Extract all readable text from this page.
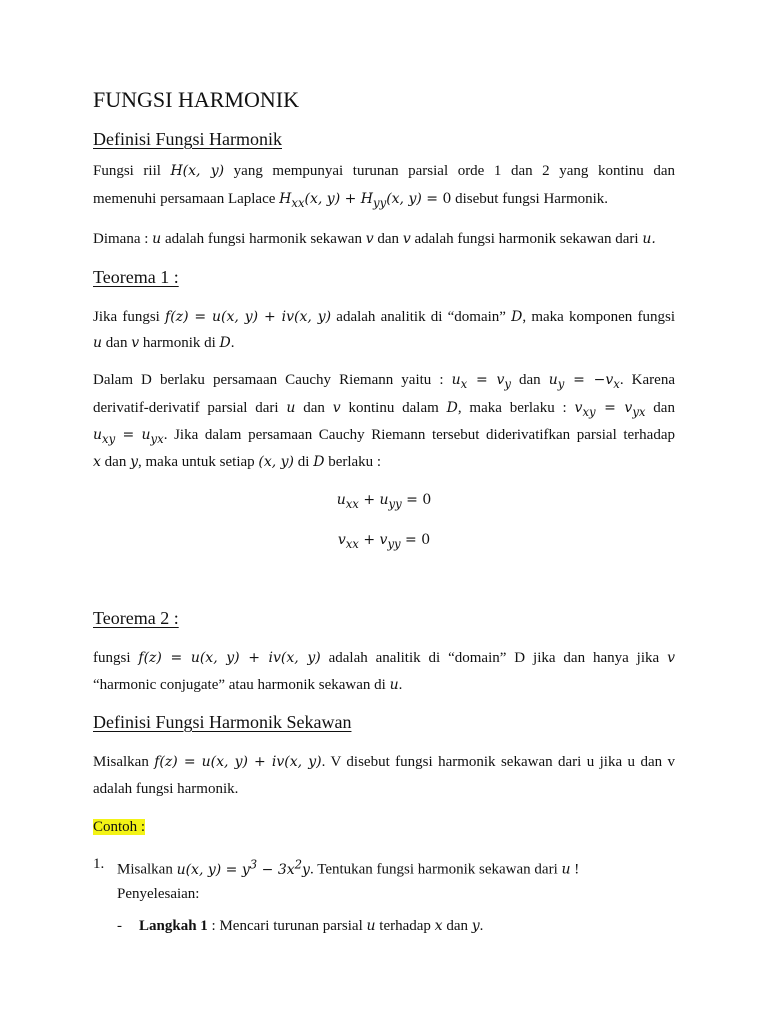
FUNGSI HARMONIK
Definisi Fungsi Harmonik
Fungsi riil H(x, y) yang mempunyai turunan parsial orde 1 dan 2 yang kontinu dan
memenuhi persamaan Laplace $H_{xx}(x$, $y) + H_{yy}(x$, y) = 0 disebut fungsi Harmonik.
Dimana : u adalah fungsi harmonik sekawan v dan v adalah fungsi harmonik sekawan dari u.
Teorema 1 :
Jika fungsi f(z) = u(x, y) + iv(x, y) adalah analitik di “domain” D, maka komponen fungsi
u dan v harmonik di D.
Dalam D berlaku persamaan Cauchy Riemann yaitu : $u_x = v_y$ dan $u_y = -v_x$. Karena
derivatif-derivatif parsial dari u dan v kontinu dalam D, maka berlaku : $v_{xy} = v_{yx}$ dan
$u_{xy} = u_{yx}$. Jika dalam persamaan Cauchy Riemann tersebut diderivatifkan parsial terhadap
x dan y, maka untuk setiap (x, y) di D berlaku :
$u_{xx} + u_{yy} = 0$
$v_{xx} + v_{yy} = 0$
Teorema 2 :
fungsi f(z) = u(x, y) + iv(x, y) adalah analitik di “domain” D jika dan hanya jika v
“harmonic conjugate” atau harmonik sekawan di u.
Definisi Fungsi Harmonik Sekawan
Misalkan f(z) = u(x, y) + iv(x, y). V disebut fungsi harmonik sekawan dari u jika u dan v
adalah fungsi harmonik.
Contoh :
1. Misalkan u(x, $y) = y^3 - 3x^2y$. Tentukan fungsi harmonik sekawan dari u !
Penyelesaian:
- Langkah 1 : Mencari turunan parsial u terhadap x dan y.
